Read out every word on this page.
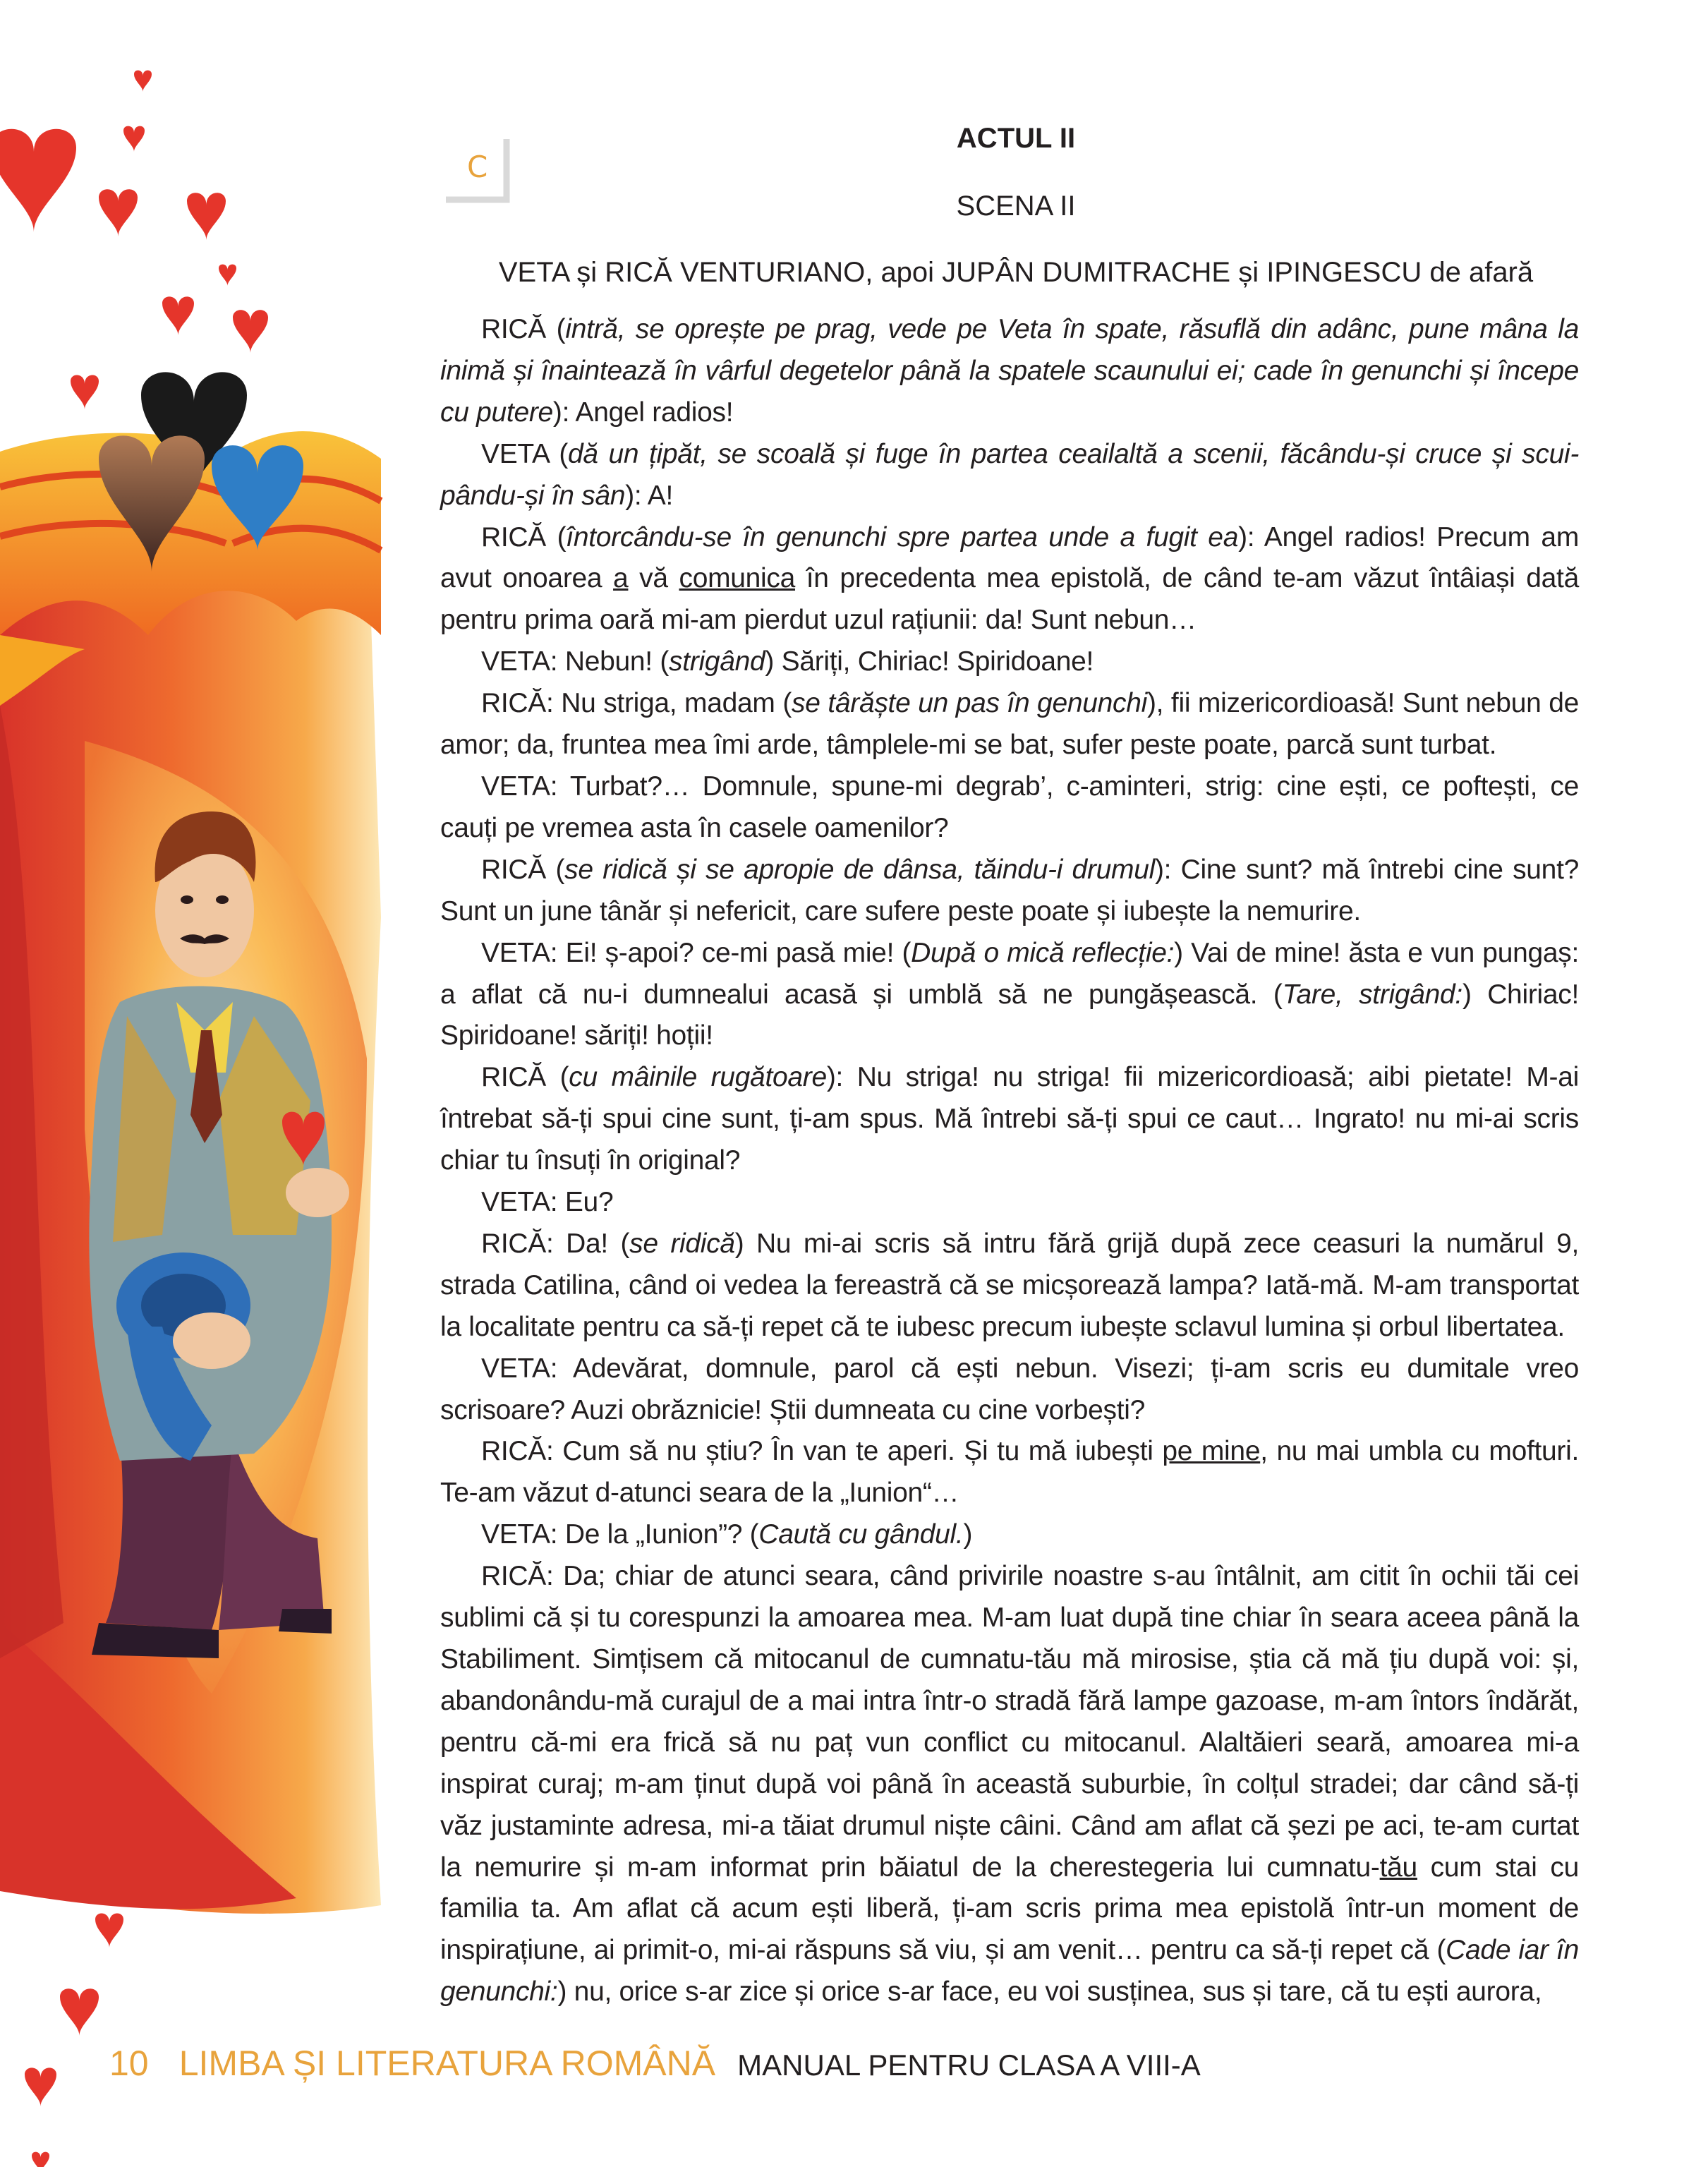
C
ACTUL II
SCENA II
VETA și RICĂ VENTURIANO, apoi JUPÂN DUMITRACHE și IPINGESCU de afară

RICĂ (intră, se oprește pe prag, vede pe Veta în spate, răsuflă din adânc, pune mâna la inimă și înaintează în vârful degetelor până la spatele scaunului ei; cade în genunchi și începe cu putere): Angel radios!

VETA (dă un țipăt, se scoală și fuge în partea ceailaltă a scenii, făcându-și cruce și scui-pându-și în sân): A!

RICĂ (întorcându-se în genunchi spre partea unde a fugit ea): Angel radios! Precum am avut onoarea a vă comunica în precedenta mea epistolă, de când te-am văzut întâiași dată pentru prima oară mi-am pierdut uzul rațiunii: da! Sunt nebun…

VETA: Nebun! (strigând) Săriți, Chiriac! Spiridoane!

RICĂ: Nu striga, madam (se târăște un pas în genunchi), fii mizericordioasă! Sunt nebun de amor; da, fruntea mea îmi arde, tâmplele-mi se bat, sufer peste poate, parcă sunt turbat.

VETA: Turbat?… Domnule, spune-mi degrab’, c-aminteri, strig: cine ești, ce poftești, ce cauți pe vremea asta în casele oamenilor?

RICĂ (se ridică și se apropie de dânsa, tăindu-i drumul): Cine sunt? mă întrebi cine sunt? Sunt un june tânăr și nefericit, care sufere peste poate și iubește la nemurire.

VETA: Ei! ș-apoi? ce-mi pasă mie! (După o mică reflecție:) Vai de mine! ăsta e vun pungaș: a aflat că nu-i dumnealui acasă și umblă să ne pungășească. (Tare, strigând:) Chiriac! Spiridoane! săriți! hoții!

RICĂ (cu mâinile rugătoare): Nu striga! nu striga! fii mizericordioasă; aibi pietate! M-ai întrebat să-ți spui cine sunt, ți-am spus. Mă întrebi să-ți spui ce caut… Ingrato! nu mi-ai scris chiar tu însuți în original?

VETA: Eu?

RICĂ: Da! (se ridică) Nu mi-ai scris să intru fără grijă după zece ceasuri la numărul 9, strada Catilina, când oi vedea la fereastră că se micșorează lampa? Iată-mă. M-am transportat la localitate pentru ca să-ți repet că te iubesc precum iubește sclavul lumina și orbul libertatea.

VETA: Adevărat, domnule, parol că ești nebun. Visezi; ți-am scris eu dumitale vreo scrisoare? Auzi obrăznicie! Știi dumneata cu cine vorbești?

RICĂ: Cum să nu știu? În van te aperi. Și tu mă iubești pe mine, nu mai umbla cu mofturi. Te-am văzut d-atunci seara de la „Iunion“…

VETA: De la „Iunion”? (Caută cu gândul.)

RICĂ: Da; chiar de atunci seara, când privirile noastre s-au întâlnit, am citit în ochii tăi cei sublimi că și tu corespunzi la amoarea mea. M-am luat după tine chiar în seara aceea până la Stabiliment. Simțisem că mitocanul de cumnatu-tău mă mirosise, știa că mă țiu după voi: și, abandonându-mă curajul de a mai intra într-o stradă fără lampe gazoase, m-am întors îndărăt, pentru că-mi era frică să nu paț vun conflict cu mitocanul. Alaltăieri seară, amoarea mi-a inspirat curaj; m-am ținut după voi până în această suburbie, în colțul stradei; dar când să-ți văz justaminte adresa, mi-a tăiat drumul niște câini. Când am aflat că șezi pe aci, te-am curtat la nemurire și m-am informat prin băiatul de la cherestegeria lui cumnatu-tău cum stai cu familia ta. Am aflat că acum ești liberă, ți-am scris prima mea epistolă într-un moment de inspirațiune, ai primit-o, mi-ai răspuns să viu, și am venit… pentru ca să-ți repet că (Cade iar în genunchi:) nu, orice s-ar zice și orice s-ar face, eu voi susținea, sus și tare, că tu ești aurora,

10 LIMBA ȘI LITERATURA ROMÂNĂ MANUAL PENTRU CLASA A VIII-A
